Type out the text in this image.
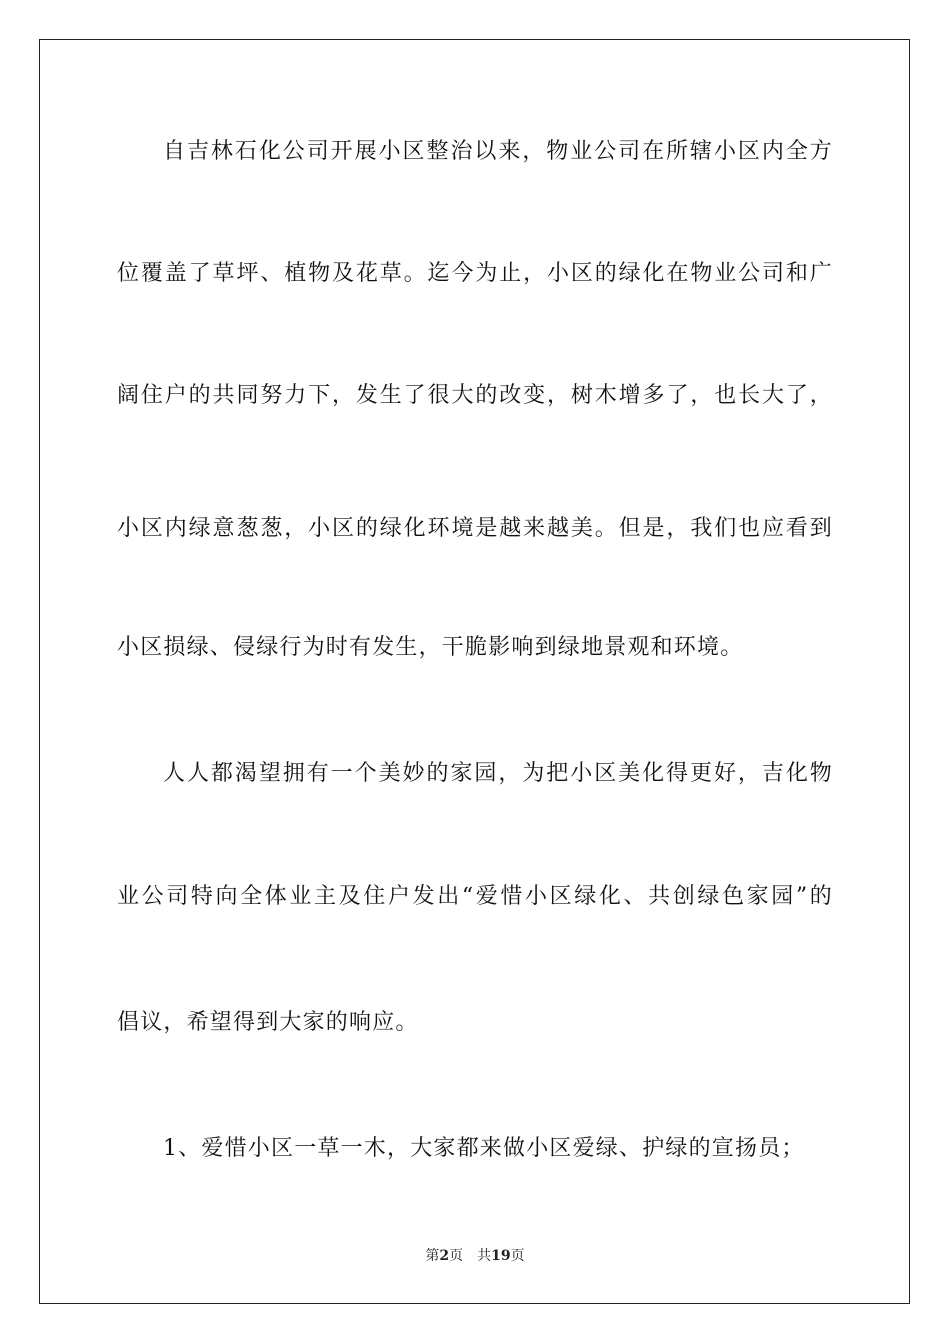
自吉林石化公司开展小区整治以来，物业公司在所辖小区内全方
位覆盖了草坪、植物及花草。迄今为止，小区的绿化在物业公司和广
阔住户的共同努力下，发生了很大的改变，树木增多了，也长大了，
小区内绿意葱葱，小区的绿化环境是越来越美。但是，我们也应看到
小区损绿、侵绿行为时有发生，干脆影响到绿地景观和环境。
人人都渴望拥有一个美妙的家园，为把小区美化得更好，吉化物
业公司特向全体业主及住户发出“爱惜小区绿化、共创绿色家园”的
倡议，希望得到大家的响应。
1、爱惜小区一草一木，大家都来做小区爱绿、护绿的宣扬员；
第2页 共19页
